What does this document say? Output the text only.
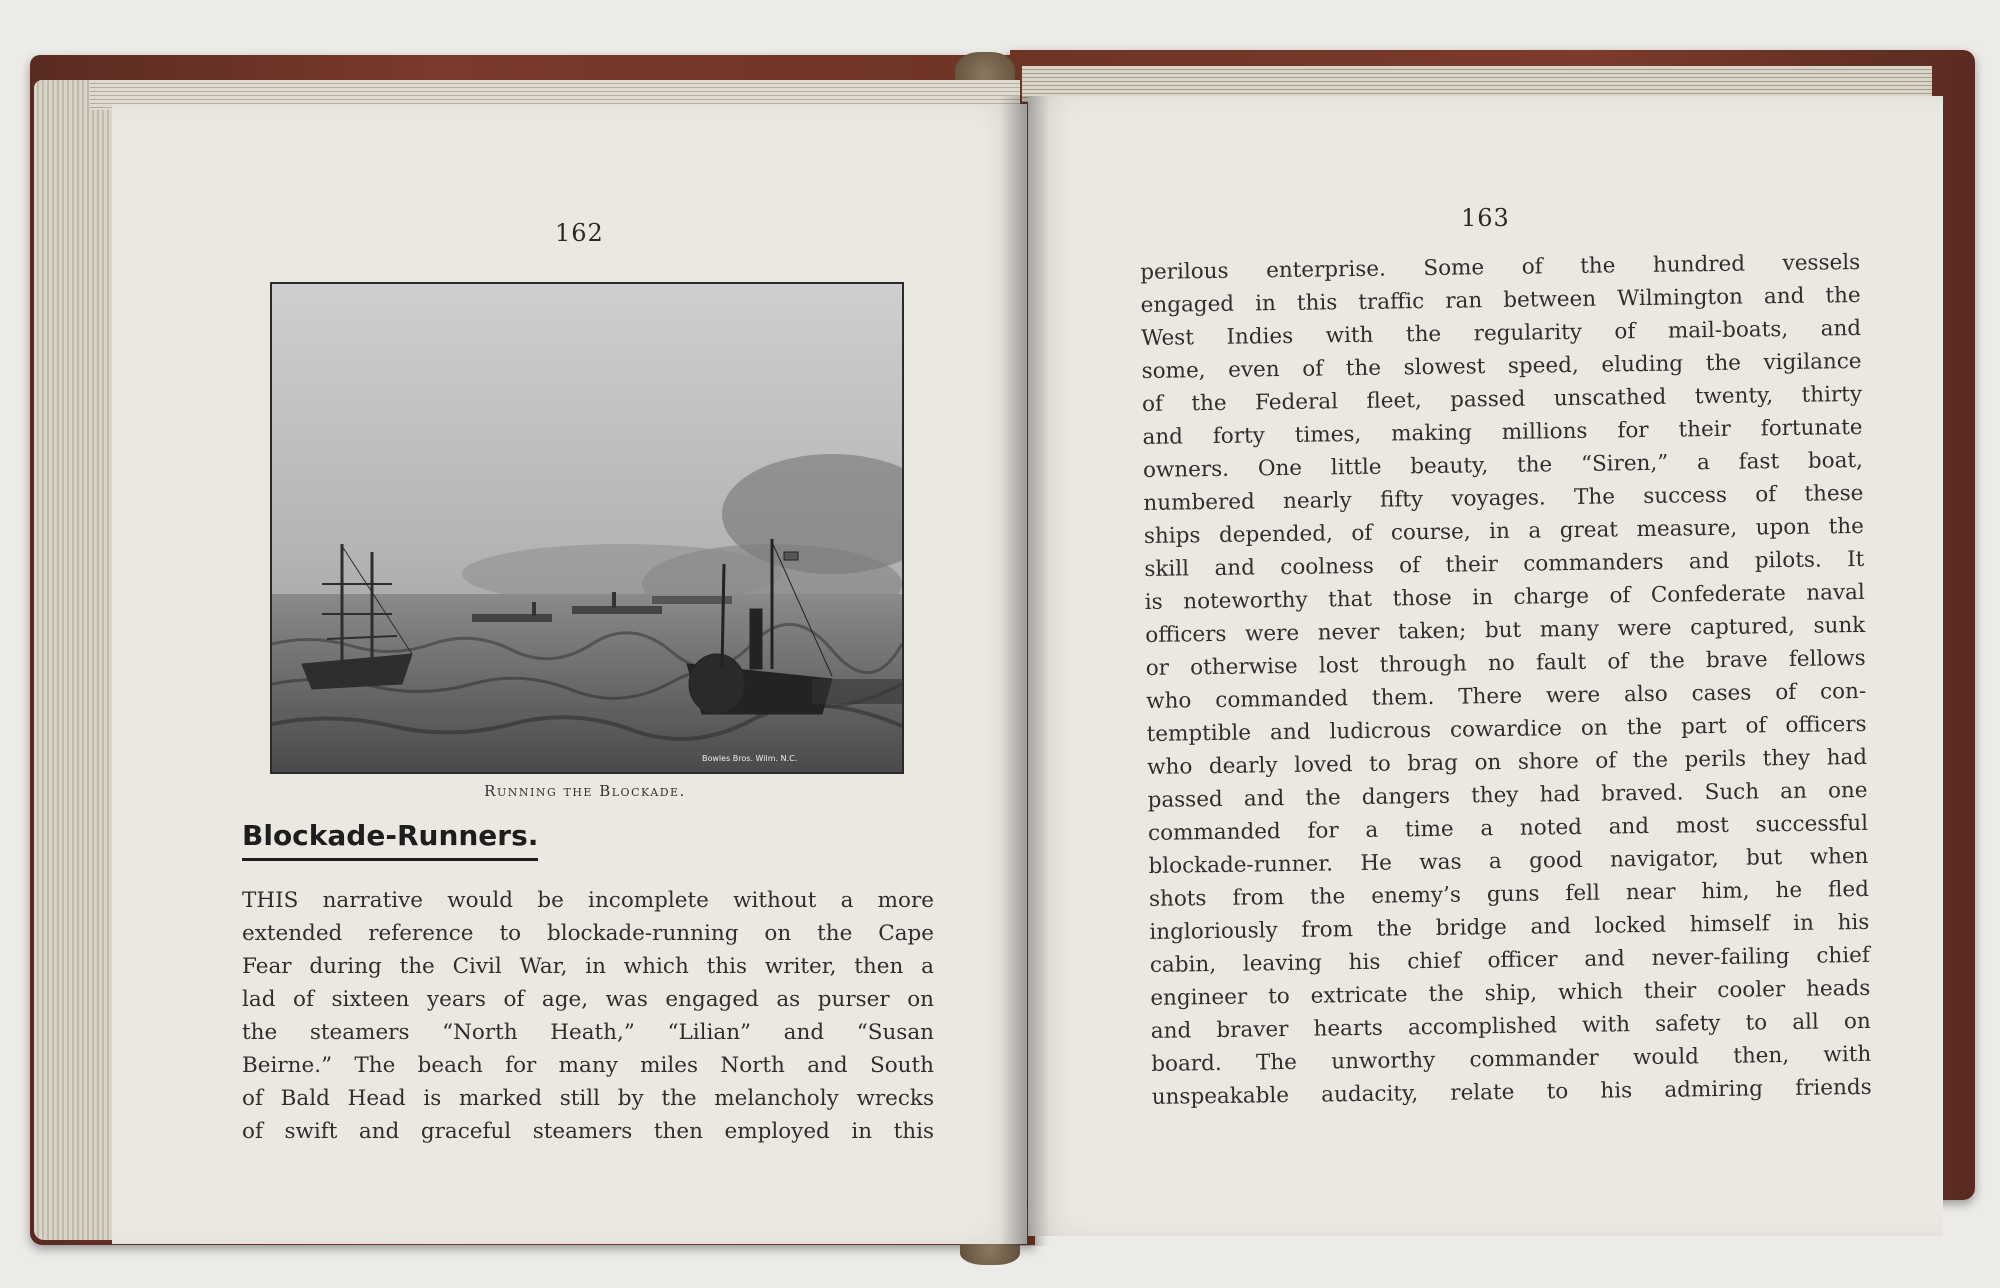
162
Running the Blockade.
Bowles Bros. Wilm. N.C.
Blockade-Runners.
THIS narrative would be incomplete without a more
extended reference to blockade-running on the Cape
Fear during the Civil War, in which this writer, then a
lad of sixteen years of age, was engaged as purser on
the steamers “North Heath,” “Lilian” and “Susan
Beirne.” The beach for many miles North and South
of Bald Head is marked still by the melancholy wrecks
of swift and graceful steamers then employed in this
163
perilous enterprise. Some of the hundred vessels
engaged in this traffic ran between Wilmington and the
West Indies with the regularity of mail-boats, and
some, even of the slowest speed, eluding the vigilance
of the Federal fleet, passed unscathed twenty, thirty
and forty times, making millions for their fortunate
owners. One little beauty, the “Siren,” a fast boat,
numbered nearly fifty voyages. The success of these
ships depended, of course, in a great measure, upon the
skill and coolness of their commanders and pilots. It
is noteworthy that those in charge of Confederate naval
officers were never taken; but many were captured, sunk
or otherwise lost through no fault of the brave fellows
who commanded them. There were also cases of con-
temptible and ludicrous cowardice on the part of officers
who dearly loved to brag on shore of the perils they had
passed and the dangers they had braved. Such an one
commanded for a time a noted and most successful
blockade-runner. He was a good navigator, but when
shots from the enemy’s guns fell near him, he fled
ingloriously from the bridge and locked himself in his
cabin, leaving his chief officer and never-failing chief
engineer to extricate the ship, which their cooler heads
and braver hearts accomplished with safety to all on
board. The unworthy commander would then, with
unspeakable audacity, relate to his admiring friends
